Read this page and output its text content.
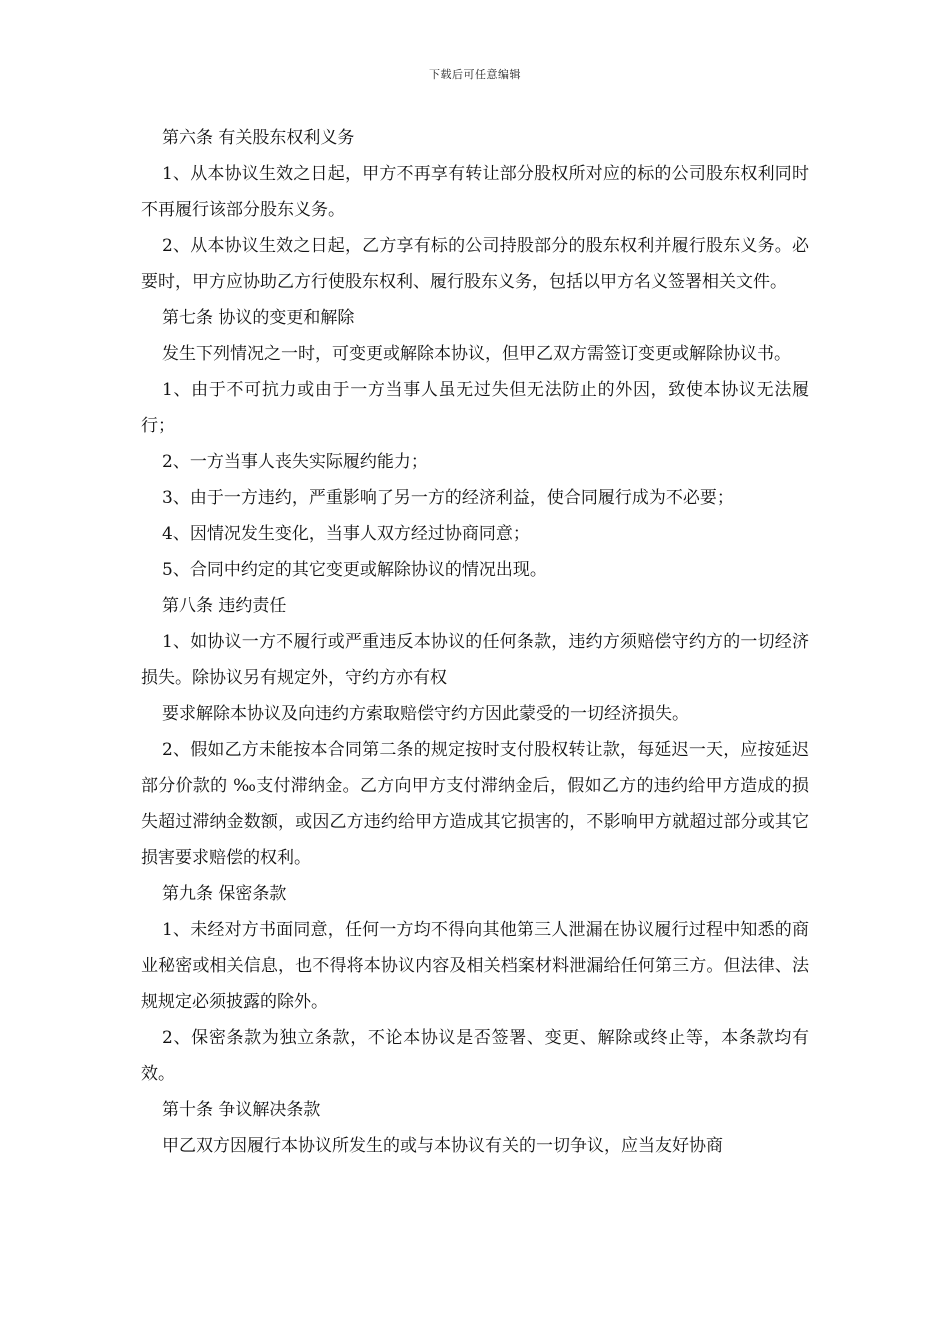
下载后可任意编辑

第六条 有关股东权利义务

1、从本协议生效之日起，甲方不再享有转让部分股权所对应的标的公司股东权利同时不再履行该部分股东义务。

2、从本协议生效之日起，乙方享有标的公司持股部分的股东权利并履行股东义务。必要时，甲方应协助乙方行使股东权利、履行股东义务，包括以甲方名义签署相关文件。

第七条 协议的变更和解除

发生下列情况之一时，可变更或解除本协议，但甲乙双方需签订变更或解除协议书。

1、由于不可抗力或由于一方当事人虽无过失但无法防止的外因，致使本协议无法履行；

2、一方当事人丧失实际履约能力；

3、由于一方违约，严重影响了另一方的经济利益，使合同履行成为不必要；

4、因情况发生变化，当事人双方经过协商同意；

5、合同中约定的其它变更或解除协议的情况出现。

第八条 违约责任

1、如协议一方不履行或严重违反本协议的任何条款，违约方须赔偿守约方的一切经济损失。除协议另有规定外，守约方亦有权

要求解除本协议及向违约方索取赔偿守约方因此蒙受的一切经济损失。

2、假如乙方未能按本合同第二条的规定按时支付股权转让款，每延迟一天，应按延迟部分价款的 ‰支付滞纳金。乙方向甲方支付滞纳金后，假如乙方的违约给甲方造成的损失超过滞纳金数额，或因乙方违约给甲方造成其它损害的，不影响甲方就超过部分或其它损害要求赔偿的权利。

第九条 保密条款

1、未经对方书面同意，任何一方均不得向其他第三人泄漏在协议履行过程中知悉的商业秘密或相关信息，也不得将本协议内容及相关档案材料泄漏给任何第三方。但法律、法规规定必须披露的除外。

2、保密条款为独立条款，不论本协议是否签署、变更、解除或终止等，本条款均有效。

第十条 争议解决条款

甲乙双方因履行本协议所发生的或与本协议有关的一切争议，应当友好协商
